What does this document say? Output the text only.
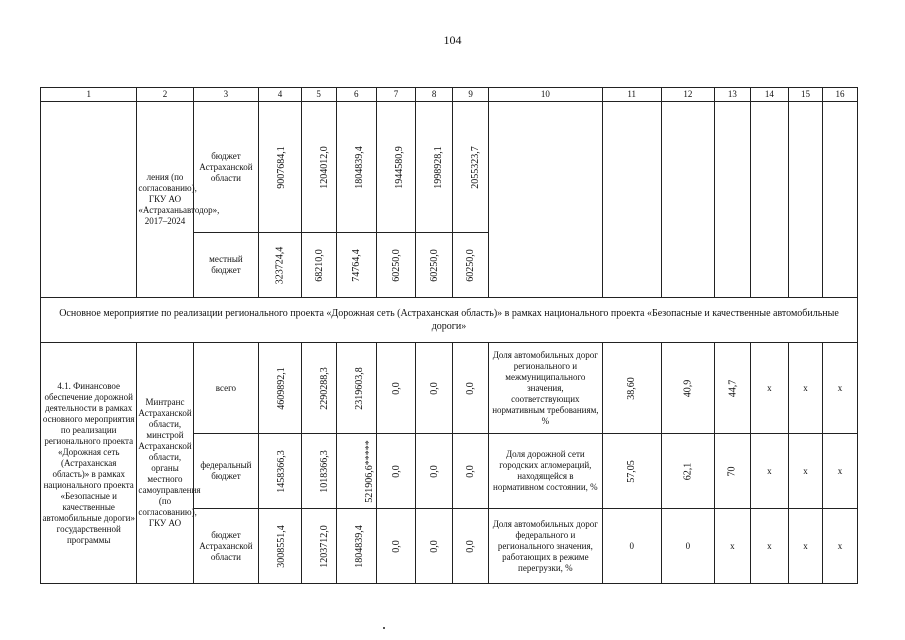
104
1	2	3	4	5	6	7	8	9	10	11	12	13	14	15	16

	ления (по согласованию), ГКУ АО «Астраханьавтодор», 2017–2024	бюджет Астраханской области	9007684,1	1204012,0	1804839,4	1944580,9	1998928,1	2055323,7							

		местный бюджет	323724,4	68210,0	74764,4	60250,0	60250,0	60250,0							
Основное мероприятие по реализации регионального проекта «Дорожная сеть (Астраханская область)» в рамках национального проекта «Безопасные и качественные автомобильные дороги»															

4.1. Финансовое обеспечение дорожной деятельности в рамках основного мероприятия по реализации регионального проекта «Дорожная сеть (Астраханская область)» в рамках национального проекта «Безопасные и качественные автомобильные дороги» государственной программы	Минтранс Астраханской области, минстрой Астраханской области, органы местного самоуправления (по согласованию), ГКУ АО	всего	4609892,1	2290288,3	2319603,8	0,0	0,0	0,0	Доля автомобильных дорог регионального и межмуниципального значения, соответствующих нормативным требованиям, %	38,60	40,9	44,7	x	x	x

		федеральный бюджет	1458366,3	1018366,3	521906,6*****	0,0	0,0	0,0	Доля дорожной сети городских агломераций, находящейся в нормативном состоянии, %	57,05	62,1	70	x	x	x

		бюджет Астраханской области	3008551,4	1203712,0	1804839,4	0,0	0,0	0,0	Доля автомобильных дорог федерального и регионального значения, работающих в режиме перегрузки, %	0	0	x	x	x	x
